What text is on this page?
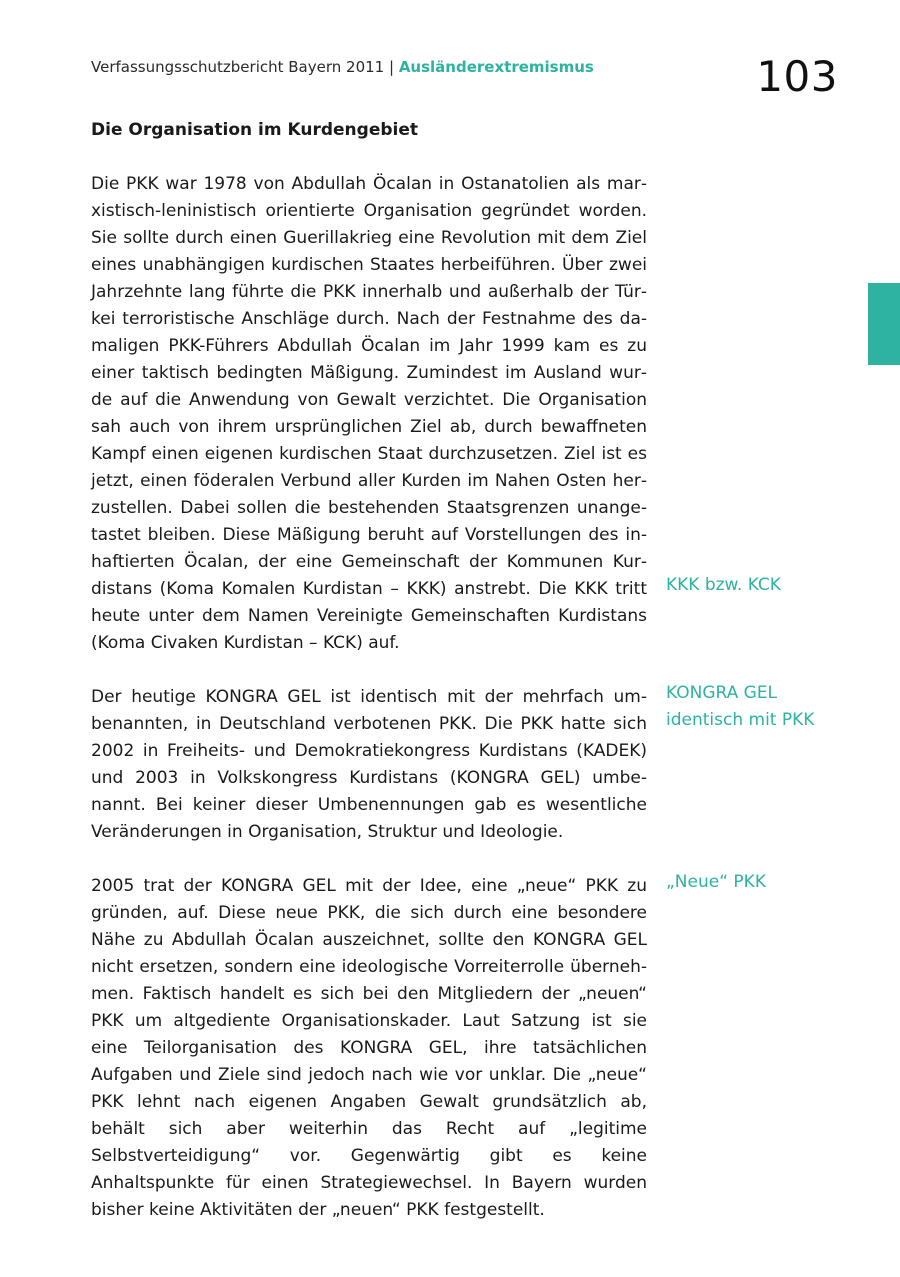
Verfassungsschutzbericht Bayern 2011 | Ausländerextremismus	103
Die Organisation im Kurdengebiet

Die PKK war 1978 von Abdullah Öcalan in Ostanatolien als marxistisch-leninistisch orientierte Organisation gegründet worden. Sie sollte durch einen Guerillakrieg eine Revolution mit dem Ziel eines unabhängigen kurdischen Staates herbeiführen. Über zwei Jahrzehnte lang führte die PKK innerhalb und außerhalb der Türkei terroristische Anschläge durch. Nach der Festnahme des damaligen PKK-Führers Abdullah Öcalan im Jahr 1999 kam es zu einer taktisch bedingten Mäßigung. Zumindest im Ausland wurde auf die Anwendung von Gewalt verzichtet. Die Organisation sah auch von ihrem ursprünglichen Ziel ab, durch bewaffneten Kampf einen eigenen kurdischen Staat durchzusetzen. Ziel ist es jetzt, einen föderalen Verbund aller Kurden im Nahen Osten herzustellen. Dabei sollen die bestehenden Staatsgrenzen unangetastet bleiben. Diese Mäßigung beruht auf Vorstellungen des inhaftierten Öcalan, der eine Gemeinschaft der Kommunen Kurdistans (Koma Komalen Kurdistan – KKK) anstrebt. Die KKK tritt heute unter dem Namen Vereinigte Gemeinschaften Kurdistans (Koma Civaken Kurdistan – KCK) auf.

Der heutige KONGRA GEL ist identisch mit der mehrfach umbenannten, in Deutschland verbotenen PKK. Die PKK hatte sich 2002 in Freiheits- und Demokratiekongress Kurdistans (KADEK) und 2003 in Volkskongress Kurdistans (KONGRA GEL) umbenannt. Bei keiner dieser Umbenennungen gab es wesentliche Veränderungen in Organisation, Struktur und Ideologie.

2005 trat der KONGRA GEL mit der Idee, eine „neue“ PKK zu gründen, auf. Diese neue PKK, die sich durch eine besondere Nähe zu Abdullah Öcalan auszeichnet, sollte den KONGRA GEL nicht ersetzen, sondern eine ideologische Vorreiterrolle übernehmen. Faktisch handelt es sich bei den Mitgliedern der „neuen“ PKK um altgediente Organisationskader. Laut Satzung ist sie eine Teilorganisation des KONGRA GEL, ihre tatsächlichen Aufgaben und Ziele sind jedoch nach wie vor unklar. Die „neue“ PKK lehnt nach eigenen Angaben Gewalt grundsätzlich ab, behält sich aber weiterhin das Recht auf „legitime Selbstverteidigung“ vor. Gegenwärtig gibt es keine Anhaltspunkte für einen Strategiewechsel. In Bayern wurden bisher keine Aktivitäten der „neuen“ PKK festgestellt.

KKK bzw. KCK
KONGRA GEL identisch mit PKK
„Neue“ PKK
